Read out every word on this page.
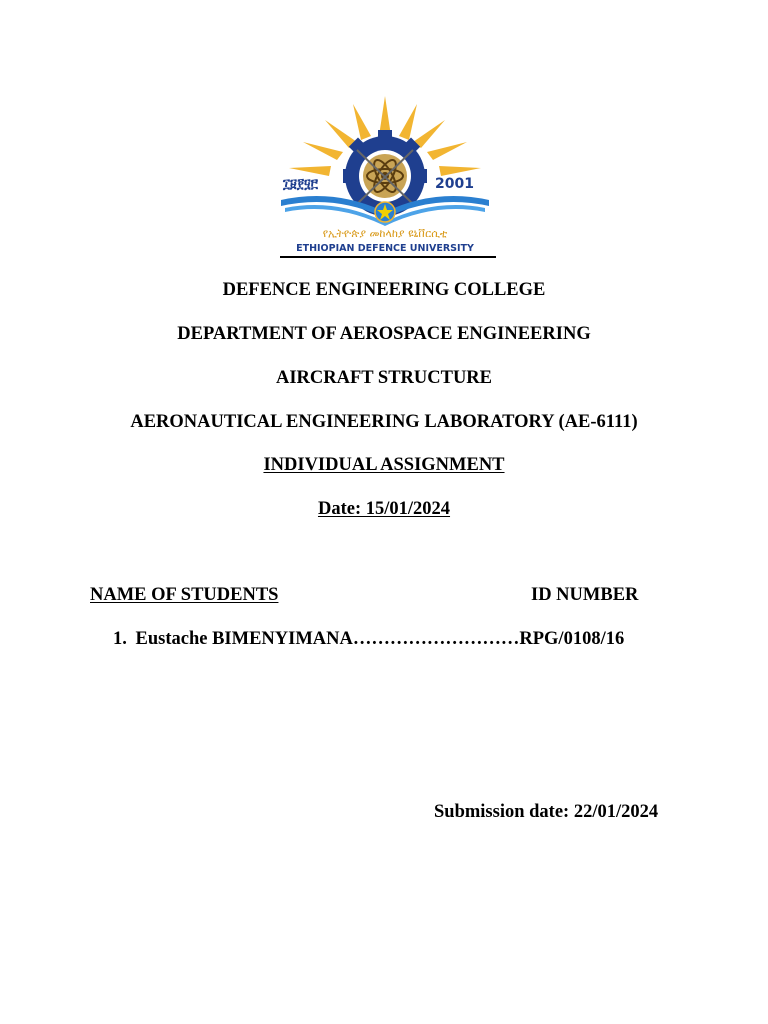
፲፱፻፶፫	2001
የኢትዮጵያ መከላከያ ዩኒቨርሲቲ
ETHIOPIAN DEFENCE UNIVERSITY
DEFENCE ENGINEERING COLLEGE
DEPARTMENT OF AEROSPACE ENGINEERING
AIRCRAFT STRUCTURE
AERONAUTICAL ENGINEERING LABORATORY (AE-6111)
INDIVIDUAL ASSIGNMENT
Date: 15/01/2024
NAME OF STUDENTS	ID NUMBER
1. Eustache BIMENYIMANA………………………RPG/0108/16
Submission date: 22/01/2024
